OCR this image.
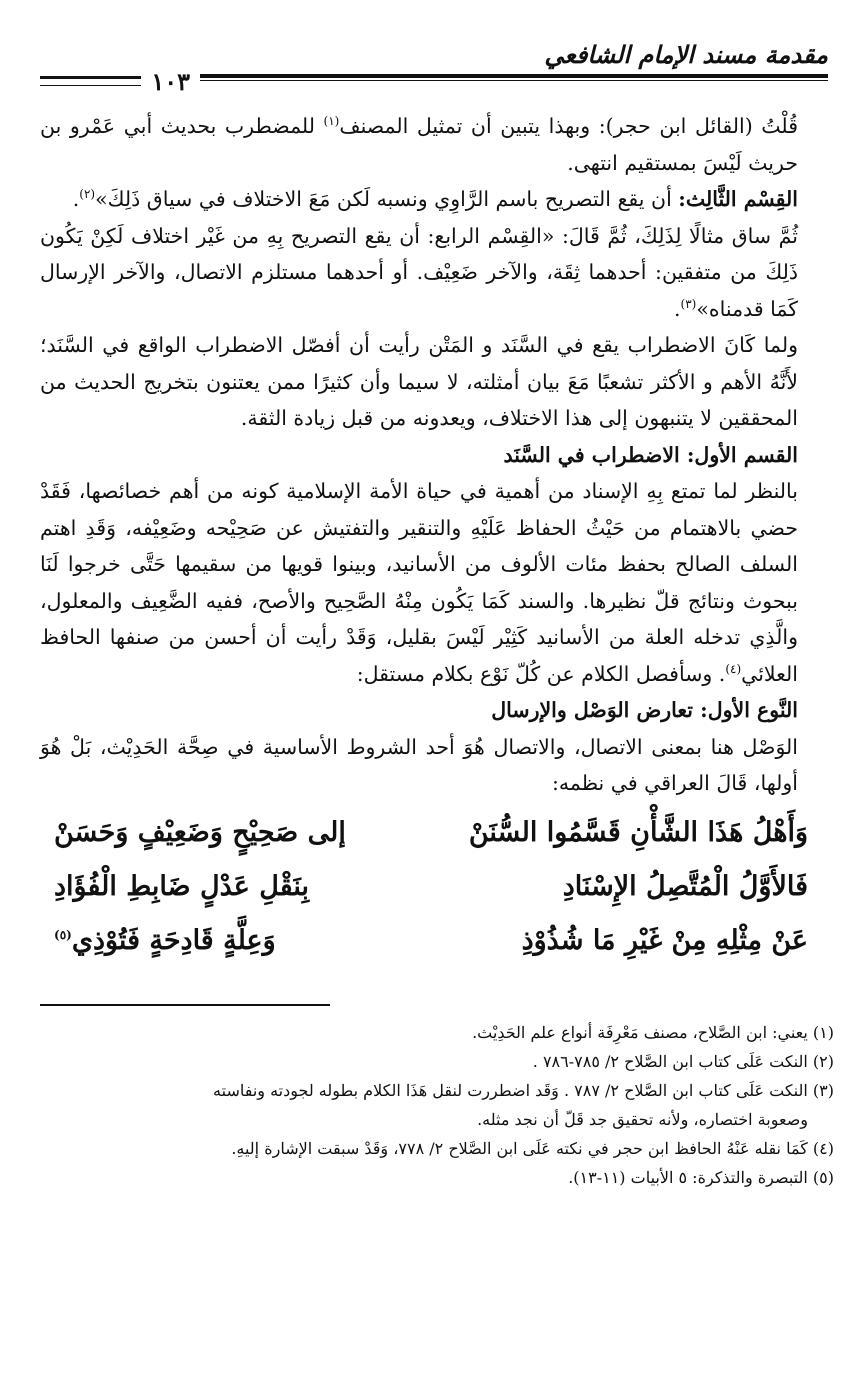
مقدمة مسند الإمام الشافعي
١٠٣

قُلْتُ (القائل ابن حجر): وبهذا يتبين أن تمثيل المصنف$^{(١)}$ للمضطرب بحديث أبي عَمْرو بن حريث لَيْسَ بمستقيم انتهى.

القِسْم الثَّالِث: أن يقع التصريح باسم الرَّاوِي ونسبه لَكن مَعَ الاختلاف في سياق ذَلِكَ»$^{(٢)}$.

ثُمَّ ساق مثالًا لِذَلِكَ، ثُمَّ قَالَ: «القِسْم الرابع: أن يقع التصريح بِهِ من غَيْر اختلاف لَكِنْ يَكُون ذَلِكَ من متفقين: أحدهما ثِقَة، والآخر ضَعِيْف. أو أحدهما مستلزم الاتصال، والآخر الإرسال كَمَا قدمناه»$^{(٣)}$.

ولما كَانَ الاضطراب يقع في السَّنَد و المَتْن رأيت أن أفصّل الاضطراب الواقع في السَّنَد؛ لأَنَّهُ الأهم و الأكثر تشعبًا مَعَ بيان أمثلته، لا سيما وأن كثيرًا ممن يعتنون بتخريج الحديث من المحققين لا يتنبهون إلى هذا الاختلاف، ويعدونه من قبل زيادة الثقة.

القسم الأول: الاضطراب في السَّنَد

بالنظر لما تمتع بِهِ الإسناد من أهمية في حياة الأمة الإسلامية كونه من أهم خصائصها، فَقَدْ حضي بالاهتمام من حَيْثُ الحفاظ عَلَيْهِ والتنقير والتفتيش عن صَحِيْحه وضَعِيْفه، وَقَدِ اهتم السلف الصالح بحفظ مئات الألوف من الأسانيد، وبينوا قويها من سقيمها حَتَّى خرجوا لَنَا ببحوث ونتائج قلّ نظيرها. والسند كَمَا يَكُون مِنْهُ الصَّحِيح والأصح، ففيه الضَّعِيف والمعلول، والَّذِي تدخله العلة من الأسانيد كَثِيْر لَيْسَ بقليل، وَقَدْ رأيت أن أحسن من صنفها الحافظ العلائي$^{(٤)}$. وسأفصل الكلام عن كُلّ نَوْع بكلام مستقل:

النَّوع الأول: تعارض الوَصْل والإرسال

الوَصْل هنا بمعنى الاتصال، والاتصال هُوَ أحد الشروط الأساسية في صِحَّة الحَدِيْث، بَلْ هُوَ أولها، قَالَ العراقي في نظمه:

وَأَهْلُ هَذَا الشَّأْنِ قَسَّمُوا السُّنَنْ
إلى صَحِيْحٍ وَضَعِيْفٍ وَحَسَنْ
فَالأَوَّلُ الْمُتَّصِلُ الإِسْنَادِ
بِنَقْلِ عَدْلٍ ضَابِطِ الْفُؤَادِ
عَنْ مِثْلِهِ مِنْ غَيْرِ مَا شُذُوْذِ
وَعِلَّةٍ قَادِحَةٍ فَتُوْذِي$^{(٥)}$

(١) يعني: ابن الصَّلاح، مصنف مَعْرِفَة أنواع علم الحَدِيْث.

(٢) النكت عَلَى كتاب ابن الصَّلاح ٢/ ٧٨٥-٧٨٦ .

(٣) النكت عَلَى كتاب ابن الصَّلاح ٢/ ٧٨٧ . وَقَد اضطررت لنقل هَذَا الكلام بطوله لجودته ونفاسته

وصعوبة اختصاره، ولأنه تحقيق جد قَلّ أن نجد مثله.

(٤) كَمَا نقله عَنْهُ الحافظ ابن حجر في نكته عَلَى ابن الصَّلاح ٢/ ٧٧٨، وَقَدْ سبقت الإشارة إليهِ.

(٥) التبصرة والتذكرة: ٥ الأبيات (١١-١٣).
